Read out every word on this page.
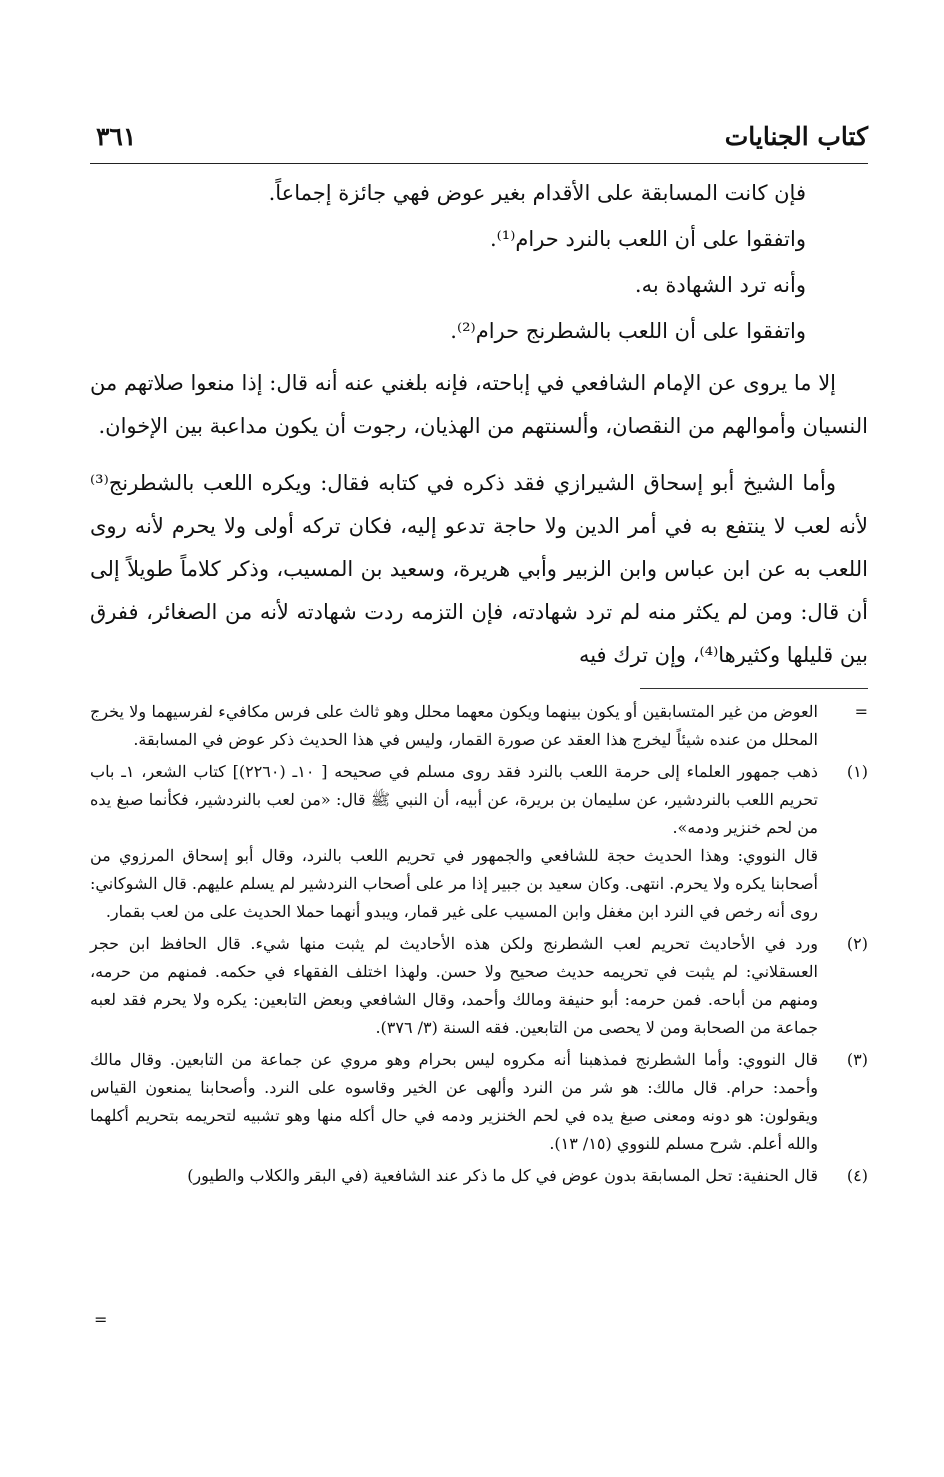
كتاب الجنايات
٣٦١
فإن كانت المسابقة على الأقدام بغير عوض فهي جائزة إجماعاً.
واتفقوا على أن اللعب بالنرد حرام⁽¹⁾.
وأنه ترد الشهادة به.
واتفقوا على أن اللعب بالشطرنج حرام⁽²⁾.

إلا ما يروى عن الإمام الشافعي في إباحته، فإنه بلغني عنه أنه قال: إذا منعوا صلاتهم من النسيان وأموالهم من النقصان، وألسنتهم من الهذيان، رجوت أن يكون مداعبة بين الإخوان.

وأما الشيخ أبو إسحاق الشيرازي فقد ذكره في كتابه فقال: ويكره اللعب بالشطرنج⁽³⁾ لأنه لعب لا ينتفع به في أمر الدين ولا حاجة تدعو إليه، فكان تركه أولى ولا يحرم لأنه روى اللعب به عن ابن عباس وابن الزبير وأبي هريرة، وسعيد بن المسيب، وذكر كلاماً طويلاً إلى أن قال: ومن لم يكثر منه لم ترد شهادته، فإن التزمه ردت شهادته لأنه من الصغائر، ففرق بين قليلها وكثيرها⁽⁴⁾، وإن ترك فيه

=

العوض من غير المتسابقين أو يكون بينهما ويكون معهما محلل وهو ثالث على فرس مكافيء لفرسيهما ولا يخرج المحلل من عنده شيئاً ليخرج هذا العقد عن صورة القمار، وليس في هذا الحديث ذكر عوض في المسابقة.

(١)

ذهب جمهور العلماء إلى حرمة اللعب بالنرد فقد روى مسلم في صحيحه [ ١٠ـ (٢٢٦٠)] كتاب الشعر، ١ـ باب تحريم اللعب بالنردشير، عن سليمان بن بريرة، عن أبيه، أن النبي ﷺ قال: «من لعب بالنردشير، فكأنما صبغ يده من لحم خنزير ودمه».

قال النووي: وهذا الحديث حجة للشافعي والجمهور في تحريم اللعب بالنرد، وقال أبو إسحاق المرزوي من أصحابنا يكره ولا يحرم. انتهى. وكان سعيد بن جبير إذا مر على أصحاب النردشير لم يسلم عليهم. قال الشوكاني: روى أنه رخص في النرد ابن مغفل وابن المسيب على غير قمار، ويبدو أنهما حملا الحديث على من لعب بقمار.

(٢)

ورد في الأحاديث تحريم لعب الشطرنج ولكن هذه الأحاديث لم يثبت منها شيء. قال الحافظ ابن حجر العسقلاني: لم يثبت في تحريمه حديث صحيح ولا حسن. ولهذا اختلف الفقهاء في حكمه. فمنهم من حرمه، ومنهم من أباحه. فمن حرمه: أبو حنيفة ومالك وأحمد، وقال الشافعي وبعض التابعين: يكره ولا يحرم فقد لعبه جماعة من الصحابة ومن لا يحصى من التابعين. فقه السنة (٣/ ٣٧٦).

(٣)

قال النووي: وأما الشطرنج فمذهبنا أنه مكروه ليس بحرام وهو مروي عن جماعة من التابعين. وقال مالك وأحمد: حرام. قال مالك: هو شر من النرد وألهى عن الخير وقاسوه على النرد. وأصحابنا يمنعون القياس ويقولون: هو دونه ومعنى صبغ يده في لحم الخنزير ودمه في حال أكله منها وهو تشبيه لتحريمه بتحريم أكلهما والله أعلم. شرح مسلم للنووي (١٥/ ١٣).

(٤)

قال الحنفية: تحل المسابقة بدون عوض في كل ما ذكر عند الشافعية (في البقر والكلاب والطيور)

=
